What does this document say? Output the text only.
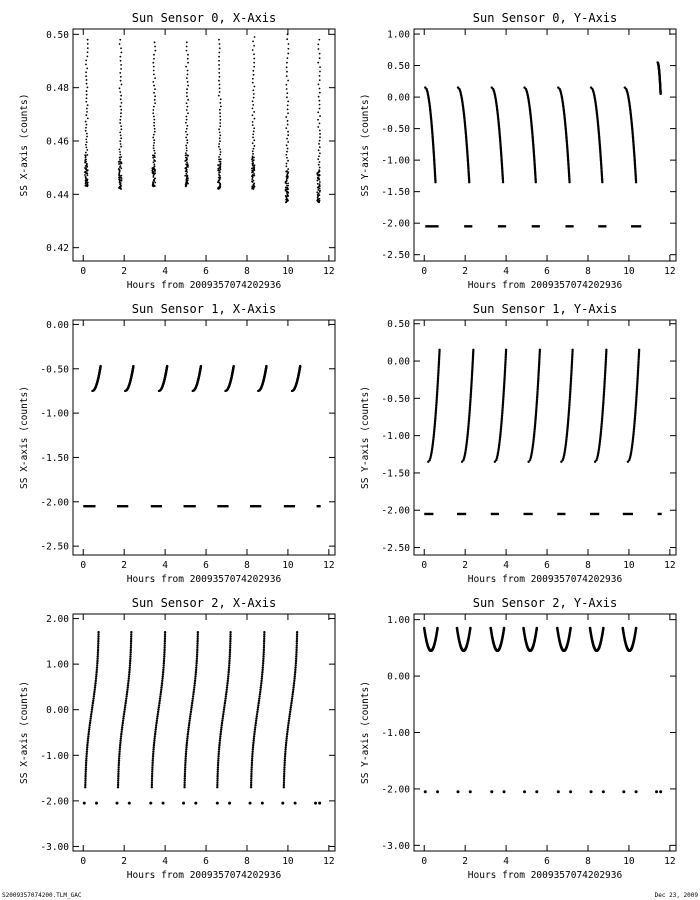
Sun Sensor 0, X-Axis
Hours from 2009357074202936
SS X-axis (counts)
0	2	4	6	8	10	12
0.42
0.44
0.46
0.48
0.50
Sun Sensor 0, Y-Axis
Hours from 2009357074202936
SS Y-axis (counts)
0	2	4	6	8	10	12
-2.50
-2.00
-1.50
-1.00
-0.50
0.00
0.50
1.00
Sun Sensor 1, X-Axis
Hours from 2009357074202936
SS X-axis (counts)
0	2	4	6	8	10	12
-2.50
-2.00
-1.50
-1.00
-0.50
0.00
Sun Sensor 1, Y-Axis
Hours from 2009357074202936
SS Y-axis (counts)
0	2	4	6	8	10	12
-2.50
-2.00
-1.50
-1.00
-0.50
0.00
0.50
Sun Sensor 2, X-Axis
Hours from 2009357074202936
SS X-axis (counts)
0	2	4	6	8	10	12
-3.00
-2.00
-1.00
0.00
1.00
2.00
Sun Sensor 2, Y-Axis
Hours from 2009357074202936
SS Y-axis (counts)
0	2	4	6	8	10	12
-3.00
-2.00
-1.00
0.00
1.00
S2009357074200.TLM_GAC	Dec 23, 2009
